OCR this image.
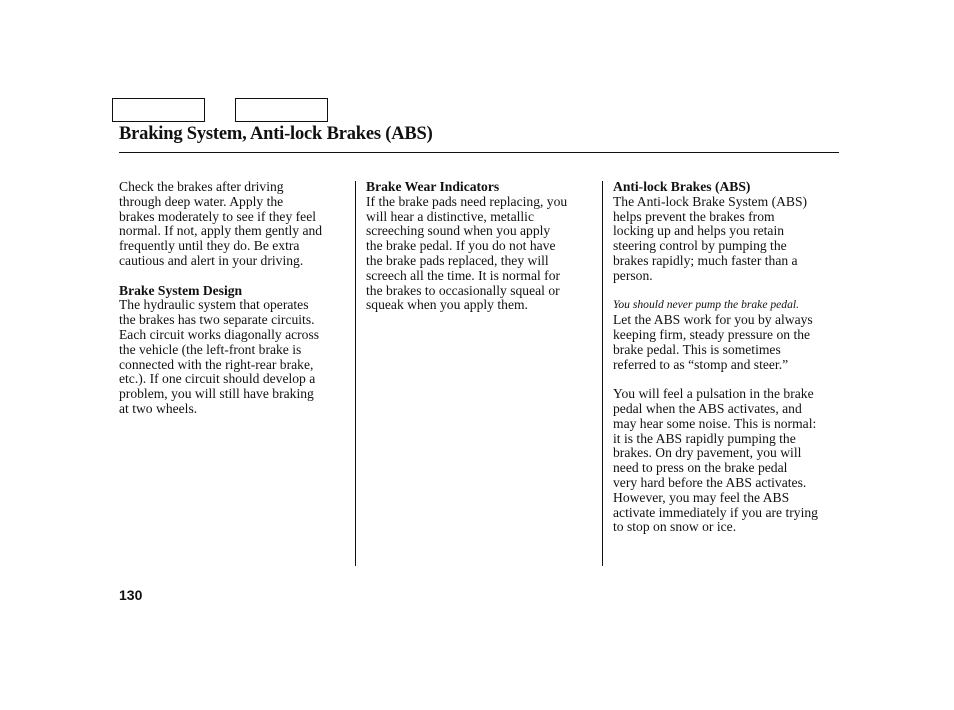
Braking System, Anti-lock Brakes (ABS)
Check the brakes after driving
through deep water. Apply the
brakes moderately to see if they feel
normal. If not, apply them gently and
frequently until they do. Be extra
cautious and alert in your driving.
Brake System Design
The hydraulic system that operates
the brakes has two separate circuits.
Each circuit works diagonally across
the vehicle (the left-front brake is
connected with the right-rear brake,
etc.). If one circuit should develop a
problem, you will still have braking
at two wheels.
Brake Wear Indicators
If the brake pads need replacing, you
will hear a distinctive, metallic
screeching sound when you apply
the brake pedal. If you do not have
the brake pads replaced, they will
screech all the time. It is normal for
the brakes to occasionally squeal or
squeak when you apply them.
Anti-lock Brakes (ABS)
The Anti-lock Brake System (ABS)
helps prevent the brakes from
locking up and helps you retain
steering control by pumping the
brakes rapidly; much faster than a
person.
You should never pump the brake pedal.
Let the ABS work for you by always
keeping firm, steady pressure on the
brake pedal. This is sometimes
referred to as “stomp and steer.”
You will feel a pulsation in the brake
pedal when the ABS activates, and
may hear some noise. This is normal:
it is the ABS rapidly pumping the
brakes. On dry pavement, you will
need to press on the brake pedal
very hard before the ABS activates.
However, you may feel the ABS
activate immediately if you are trying
to stop on snow or ice.
130
